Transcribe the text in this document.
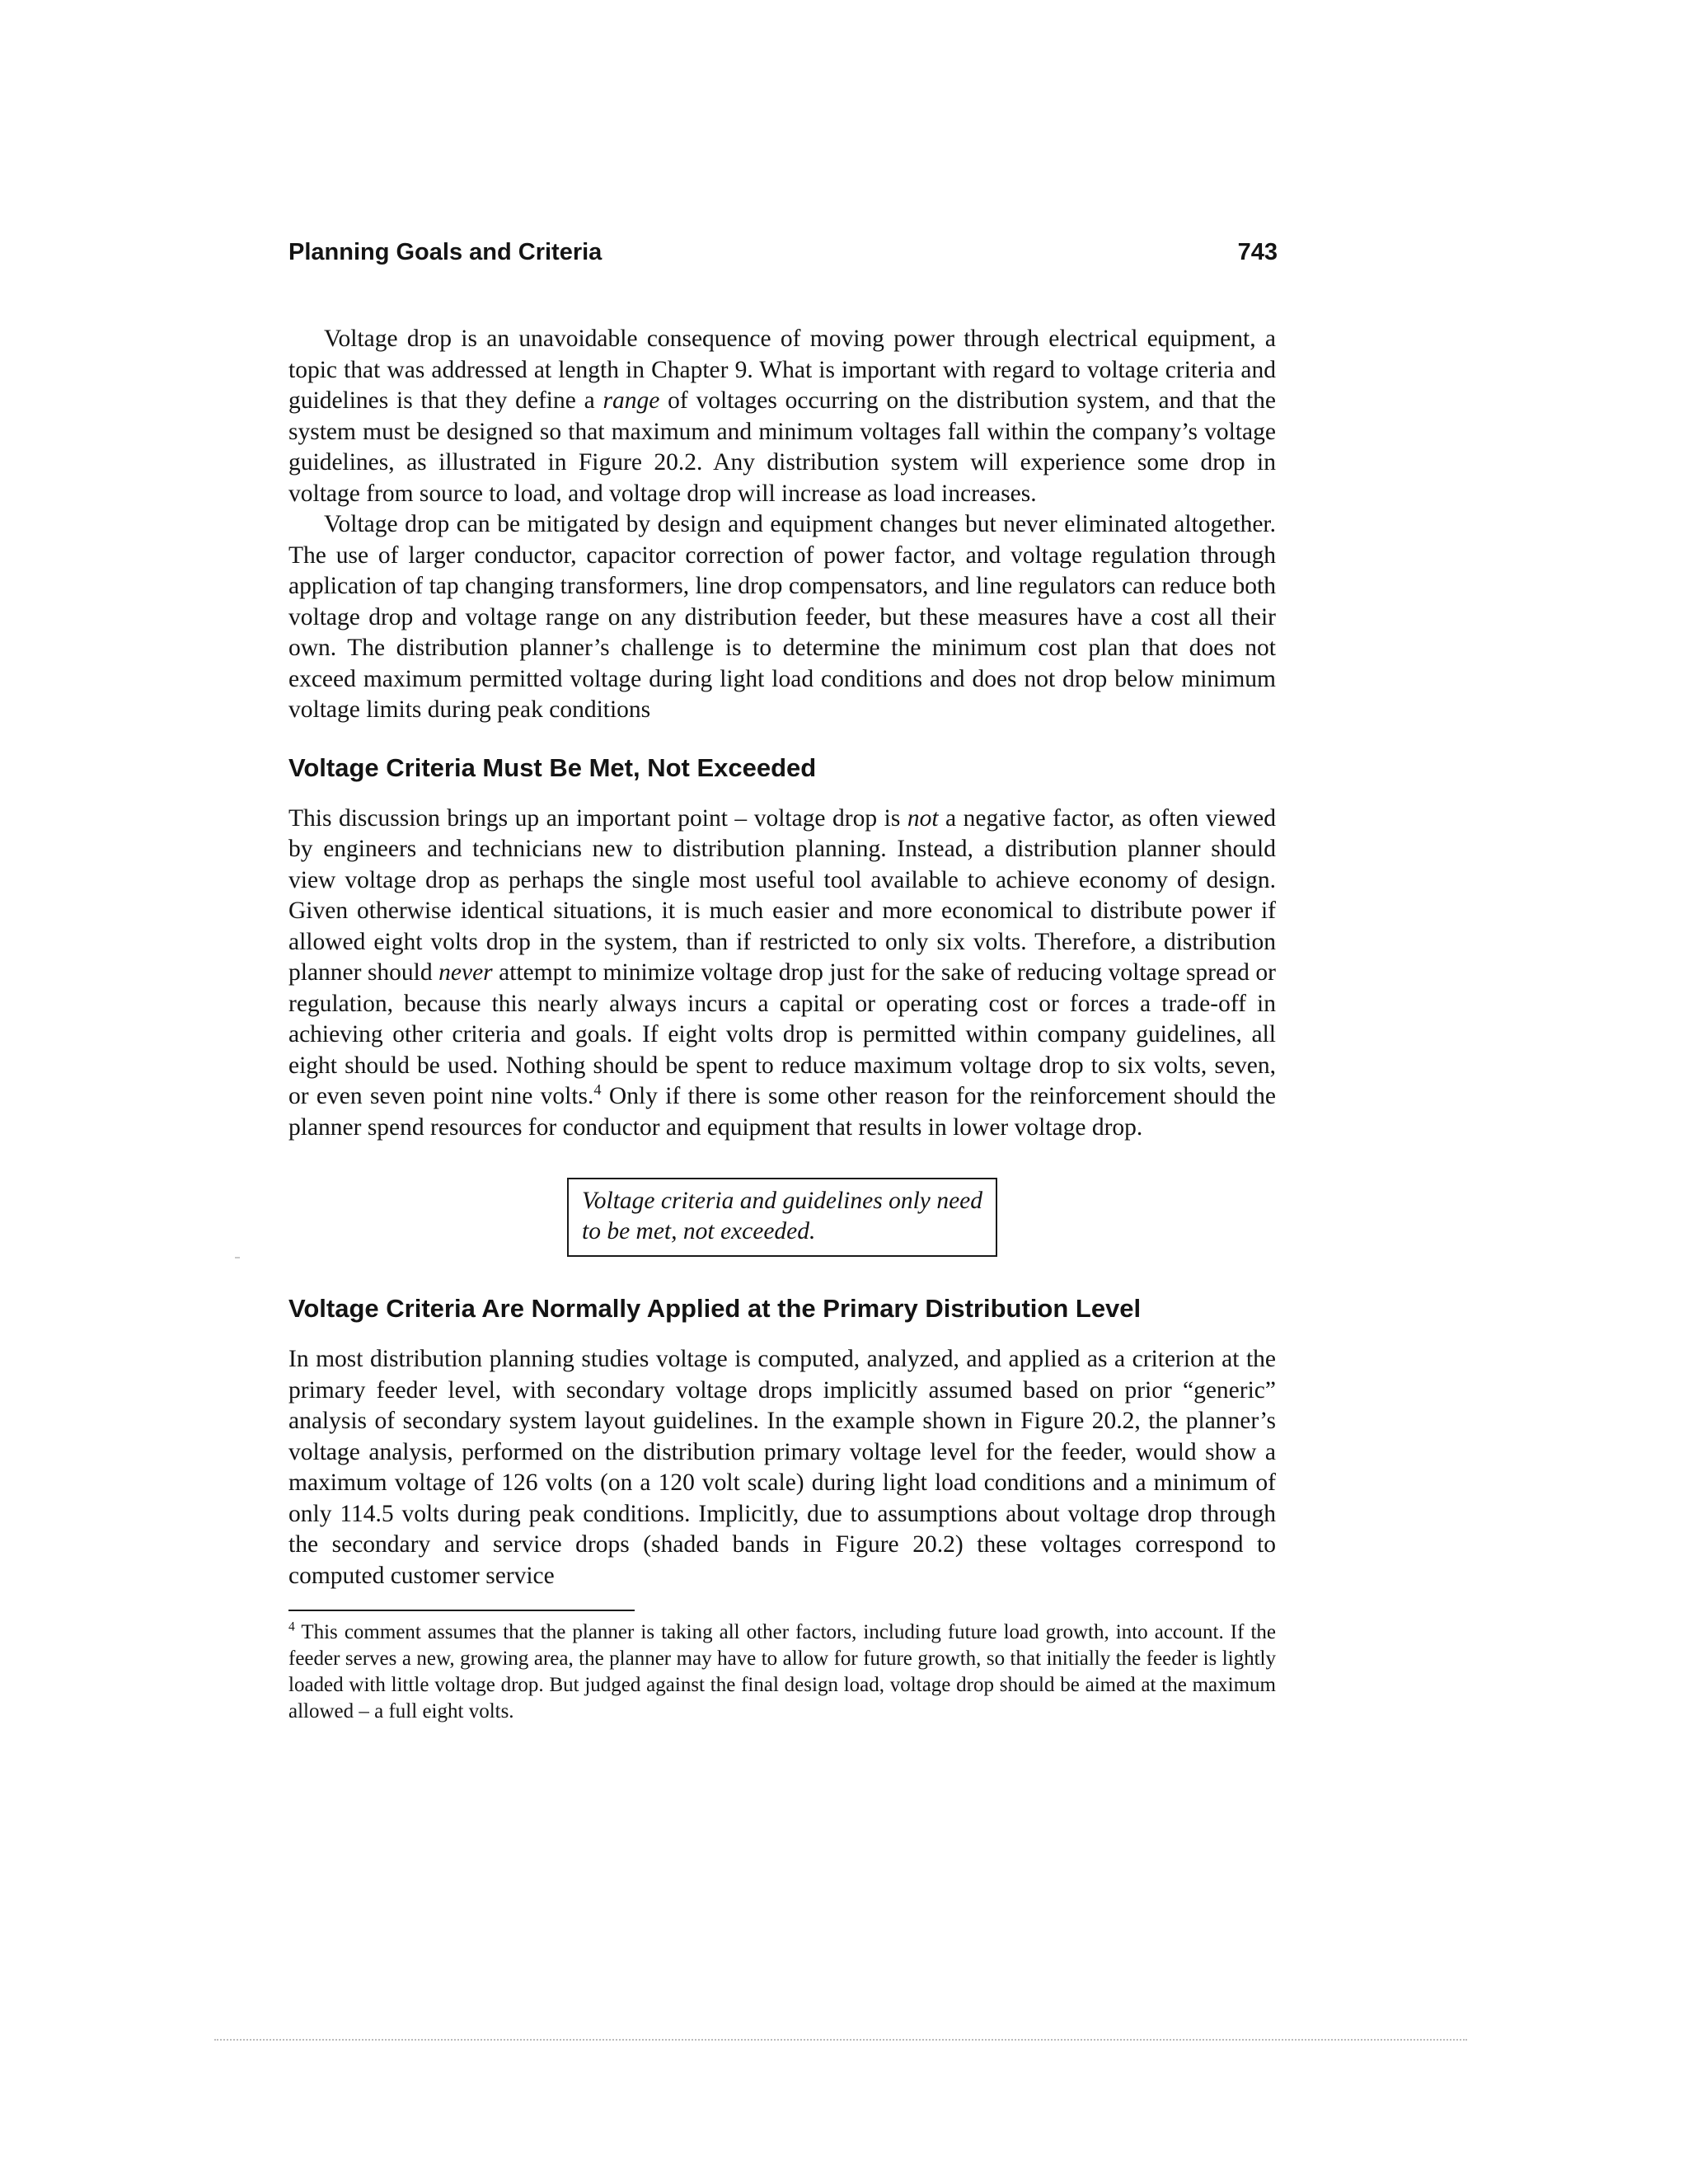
Planning Goals and Criteria	743

Voltage drop is an unavoidable consequence of moving power through electrical equipment, a topic that was addressed at length in Chapter 9. What is important with regard to voltage criteria and guidelines is that they define a range of voltages occurring on the distribution system, and that the system must be designed so that maximum and minimum voltages fall within the company’s voltage guidelines, as illustrated in Figure 20.2. Any distribution system will experience some drop in voltage from source to load, and voltage drop will increase as load increases.

Voltage drop can be mitigated by design and equipment changes but never eliminated altogether. The use of larger conductor, capacitor correction of power factor, and voltage regulation through application of tap changing transformers, line drop compensators, and line regulators can reduce both voltage drop and voltage range on any distribution feeder, but these measures have a cost all their own. The distribution planner’s challenge is to determine the minimum cost plan that does not exceed maximum permitted voltage during light load conditions and does not drop below minimum voltage limits during peak conditions

Voltage Criteria Must Be Met, Not Exceeded

This discussion brings up an important point – voltage drop is not a negative factor, as often viewed by engineers and technicians new to distribution planning. Instead, a distribution planner should view voltage drop as perhaps the single most useful tool available to achieve economy of design. Given otherwise identical situations, it is much easier and more economical to distribute power if allowed eight volts drop in the system, than if restricted to only six volts. Therefore, a distribution planner should never attempt to minimize voltage drop just for the sake of reducing voltage spread or regulation, because this nearly always incurs a capital or operating cost or forces a trade-off in achieving other criteria and goals. If eight volts drop is permitted within company guidelines, all eight should be used. Nothing should be spent to reduce maximum voltage drop to six volts, seven, or even seven point nine volts.$^4$ Only if there is some other reason for the reinforcement should the planner spend resources for conductor and equipment that results in lower voltage drop.

Voltage criteria and guidelines only need to be met, not exceeded.
Voltage Criteria Are Normally Applied at the Primary Distribution Level

In most distribution planning studies voltage is computed, analyzed, and applied as a criterion at the primary feeder level, with secondary voltage drops implicitly assumed based on prior “generic” analysis of secondary system layout guidelines. In the example shown in Figure 20.2, the planner’s voltage analysis, performed on the distribution primary voltage level for the feeder, would show a maximum voltage of 126 volts (on a 120 volt scale) during light load conditions and a minimum of only 114.5 volts during peak conditions. Implicitly, due to assumptions about voltage drop through the secondary and service drops (shaded bands in Figure 20.2) these voltages correspond to computed customer service

$^4$ This comment assumes that the planner is taking all other factors, including future load growth, into account. If the feeder serves a new, growing area, the planner may have to allow for future growth, so that initially the feeder is lightly loaded with little voltage drop. But judged against the final design load, voltage drop should be aimed at the maximum allowed – a full eight volts.
